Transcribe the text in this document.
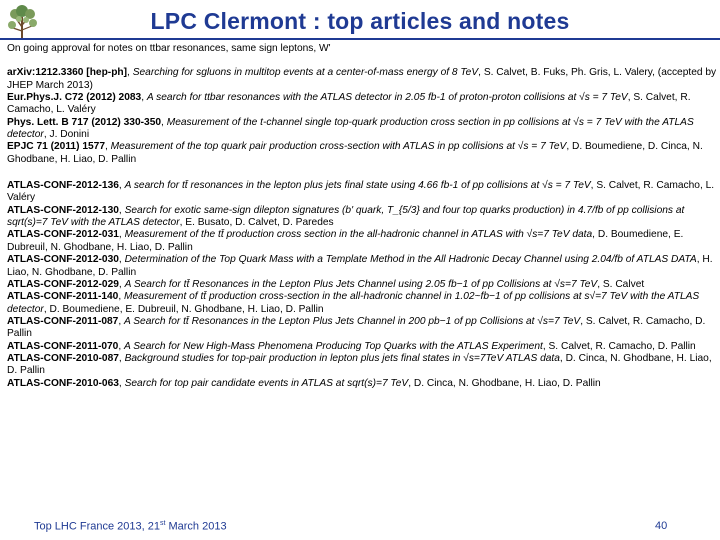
LPC Clermont : top articles and notes

On going approval for notes on ttbar resonances, same sign leptons, W'

arXiv:1212.3360 [hep-ph], Searching for sgluons in multitop events at a center-of-mass energy of 8 TeV, S. Calvet, B. Fuks, Ph. Gris, L. Valery, (accepted by JHEP March 2013)

Eur.Phys.J. C72 (2012) 2083, A search for ttbar resonances with the ATLAS detector in 2.05 fb-1 of proton-proton collisions at √s = 7 TeV, S. Calvet, R. Camacho, L. Valéry

Phys. Lett. B 717 (2012) 330-350, Measurement of the t-channel single top-quark production cross section in pp collisions at √s = 7 TeV with the ATLAS detector, J. Donini

EPJC 71 (2011) 1577, Measurement of the top quark pair production cross-section with ATLAS in pp collisions at √s = 7 TeV, D. Boumediene, D. Cinca, N. Ghodbane, H. Liao, D. Pallin

ATLAS-CONF-2012-136, A search for tt̄ resonances in the lepton plus jets final state using 4.66 fb-1 of pp collisions at √s = 7 TeV, S. Calvet, R. Camacho, L. Valéry

ATLAS-CONF-2012-130, Search for exotic same-sign dilepton signatures (b' quark, T_{5/3} and four top quarks production) in 4.7/fb of pp collisions at sqrt(s)=7 TeV with the ATLAS detector, E. Busato, D. Calvet, D. Paredes

ATLAS-CONF-2012-031, Measurement of the tt̄ production cross section in the all-hadronic channel in ATLAS with √s=7 TeV data, D. Boumediene, E. Dubreuil, N. Ghodbane, H. Liao, D. Pallin

ATLAS-CONF-2012-030, Determination of the Top Quark Mass with a Template Method in the All Hadronic Decay Channel using 2.04/fb of ATLAS DATA, H. Liao, N. Ghodbane, D. Pallin

ATLAS-CONF-2012-029, A Search for tt̄ Resonances in the Lepton Plus Jets Channel using 2.05 fb−1 of pp Collisions at √s=7 TeV, S. Calvet

ATLAS-CONF-2011-140, Measurement of tt̄ production cross-section in the all-hadronic channel in 1.02~fb−1 of pp collisions at s√=7 TeV with the ATLAS detector, D. Boumediene, E. Dubreuil, N. Ghodbane, H. Liao, D. Pallin

ATLAS-CONF-2011-087, A Search for tt̄ Resonances in the Lepton Plus Jets Channel in 200 pb−1 of pp Collisions at √s=7 TeV, S. Calvet, R. Camacho, D. Pallin

ATLAS-CONF-2011-070, A Search for New High-Mass Phenomena Producing Top Quarks with the ATLAS Experiment, S. Calvet, R. Camacho, D. Pallin

ATLAS-CONF-2010-087, Background studies for top-pair production in lepton plus jets final states in √s=7TeV ATLAS data, D. Cinca, N. Ghodbane, H. Liao, D. Pallin

ATLAS-CONF-2010-063, Search for top pair candidate events in ATLAS at sqrt(s)=7 TeV, D. Cinca, N. Ghodbane, H. Liao, D. Pallin

Top LHC France 2013, 21st March 2013	40
